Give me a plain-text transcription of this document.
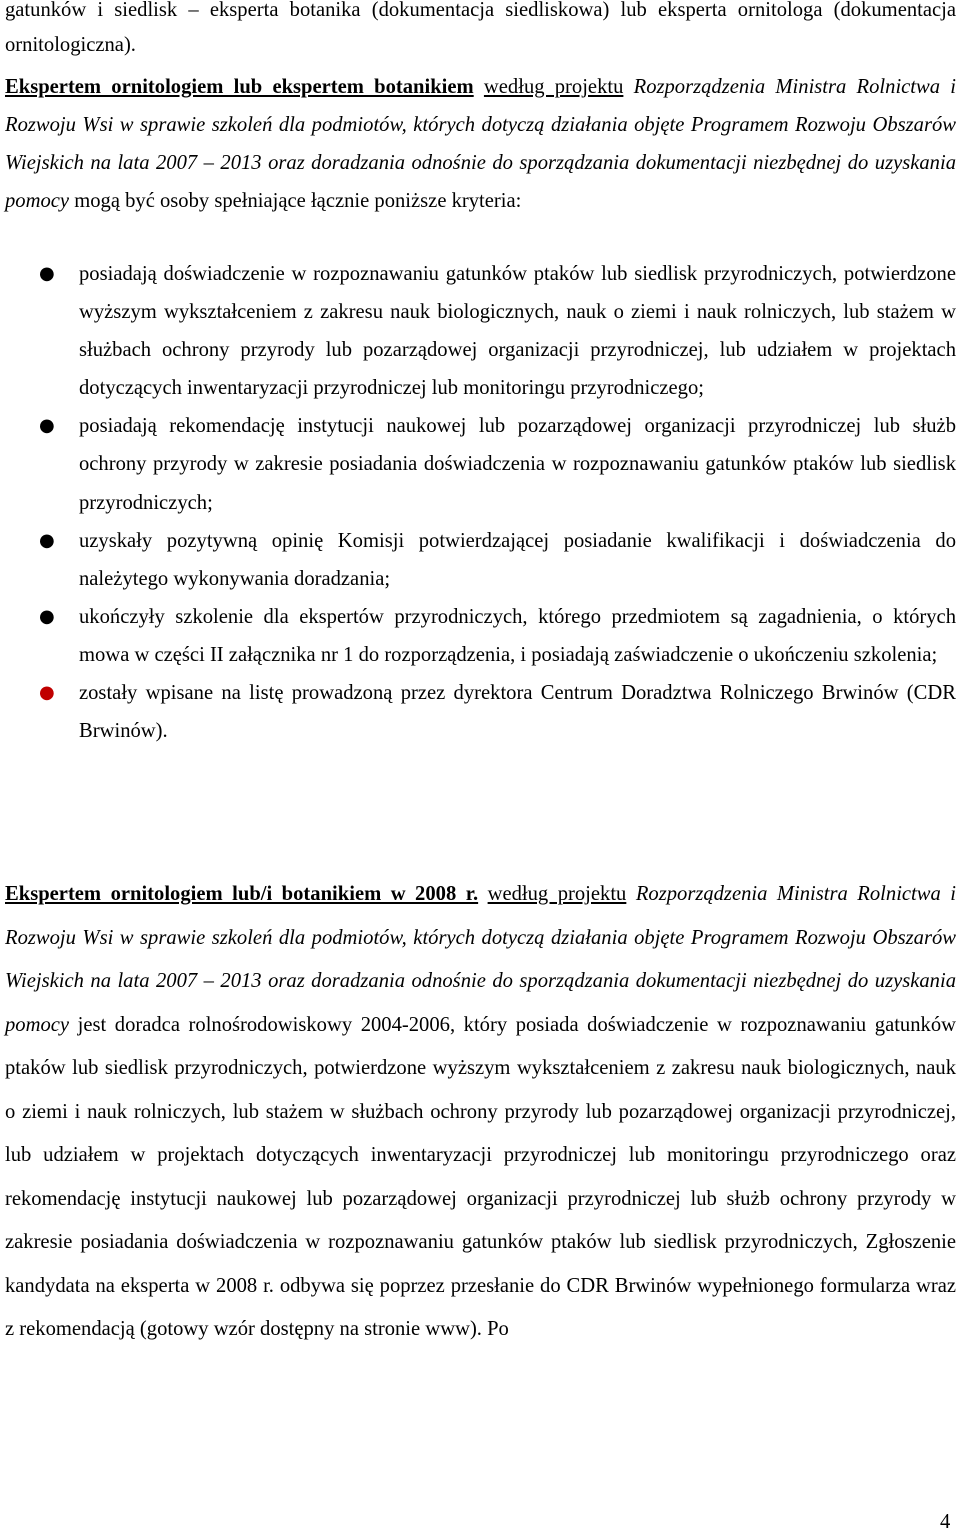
gatunków i siedlisk – eksperta botanika (dokumentacja siedliskowa) lub eksperta ornitologa (dokumentacja ornitologiczna).

Ekspertem ornitologiem lub ekspertem botanikiem według projektu Rozporządzenia Ministra Rolnictwa i Rozwoju Wsi w sprawie szkoleń dla podmiotów, których dotyczą działania objęte Programem Rozwoju Obszarów Wiejskich na lata 2007 – 2013 oraz doradzania odnośnie do sporządzania dokumentacji niezbędnej do uzyskania pomocy mogą być osoby spełniające łącznie poniższe kryteria:

● posiadają doświadczenie w rozpoznawaniu gatunków ptaków lub siedlisk przyrodniczych, potwierdzone wyższym wykształceniem z zakresu nauk biologicznych, nauk o ziemi i nauk rolniczych, lub stażem w służbach ochrony przyrody lub pozarządowej organizacji przyrodniczej, lub udziałem w projektach dotyczących inwentaryzacji przyrodniczej lub monitoringu przyrodniczego;
● posiadają rekomendację instytucji naukowej lub pozarządowej organizacji przyrodniczej lub służb ochrony przyrody w zakresie posiadania doświadczenia w rozpoznawaniu gatunków ptaków lub siedlisk przyrodniczych;
● uzyskały pozytywną opinię Komisji potwierdzającej posiadanie kwalifikacji i doświadczenia do należytego wykonywania doradzania;
● ukończyły szkolenie dla ekspertów przyrodniczych, którego przedmiotem są zagadnienia, o których mowa w części II załącznika nr 1 do rozporządzenia, i posiadają zaświadczenie o ukończeniu szkolenia;
● zostały wpisane na listę prowadzoną przez dyrektora Centrum Doradztwa Rolniczego Brwinów (CDR Brwinów).

Ekspertem ornitologiem lub/i botanikiem w 2008 r. według projektu Rozporządzenia Ministra Rolnictwa i Rozwoju Wsi w sprawie szkoleń dla podmiotów, których dotyczą działania objęte Programem Rozwoju Obszarów Wiejskich na lata 2007 – 2013 oraz doradzania odnośnie do sporządzania dokumentacji niezbędnej do uzyskania pomocy jest doradca rolnośrodowiskowy 2004-2006, który posiada doświadczenie w rozpoznawaniu gatunków ptaków lub siedlisk przyrodniczych, potwierdzone wyższym wykształceniem z zakresu nauk biologicznych, nauk o ziemi i nauk rolniczych, lub stażem w służbach ochrony przyrody lub pozarządowej organizacji przyrodniczej, lub udziałem w projektach dotyczących inwentaryzacji przyrodniczej lub monitoringu przyrodniczego oraz rekomendację instytucji naukowej lub pozarządowej organizacji przyrodniczej lub służb ochrony przyrody w zakresie posiadania doświadczenia w rozpoznawaniu gatunków ptaków lub siedlisk przyrodniczych, Zgłoszenie kandydata na eksperta w 2008 r. odbywa się poprzez przesłanie do CDR Brwinów wypełnionego formularza wraz z rekomendacją (gotowy wzór dostępny na stronie www). Po

4
